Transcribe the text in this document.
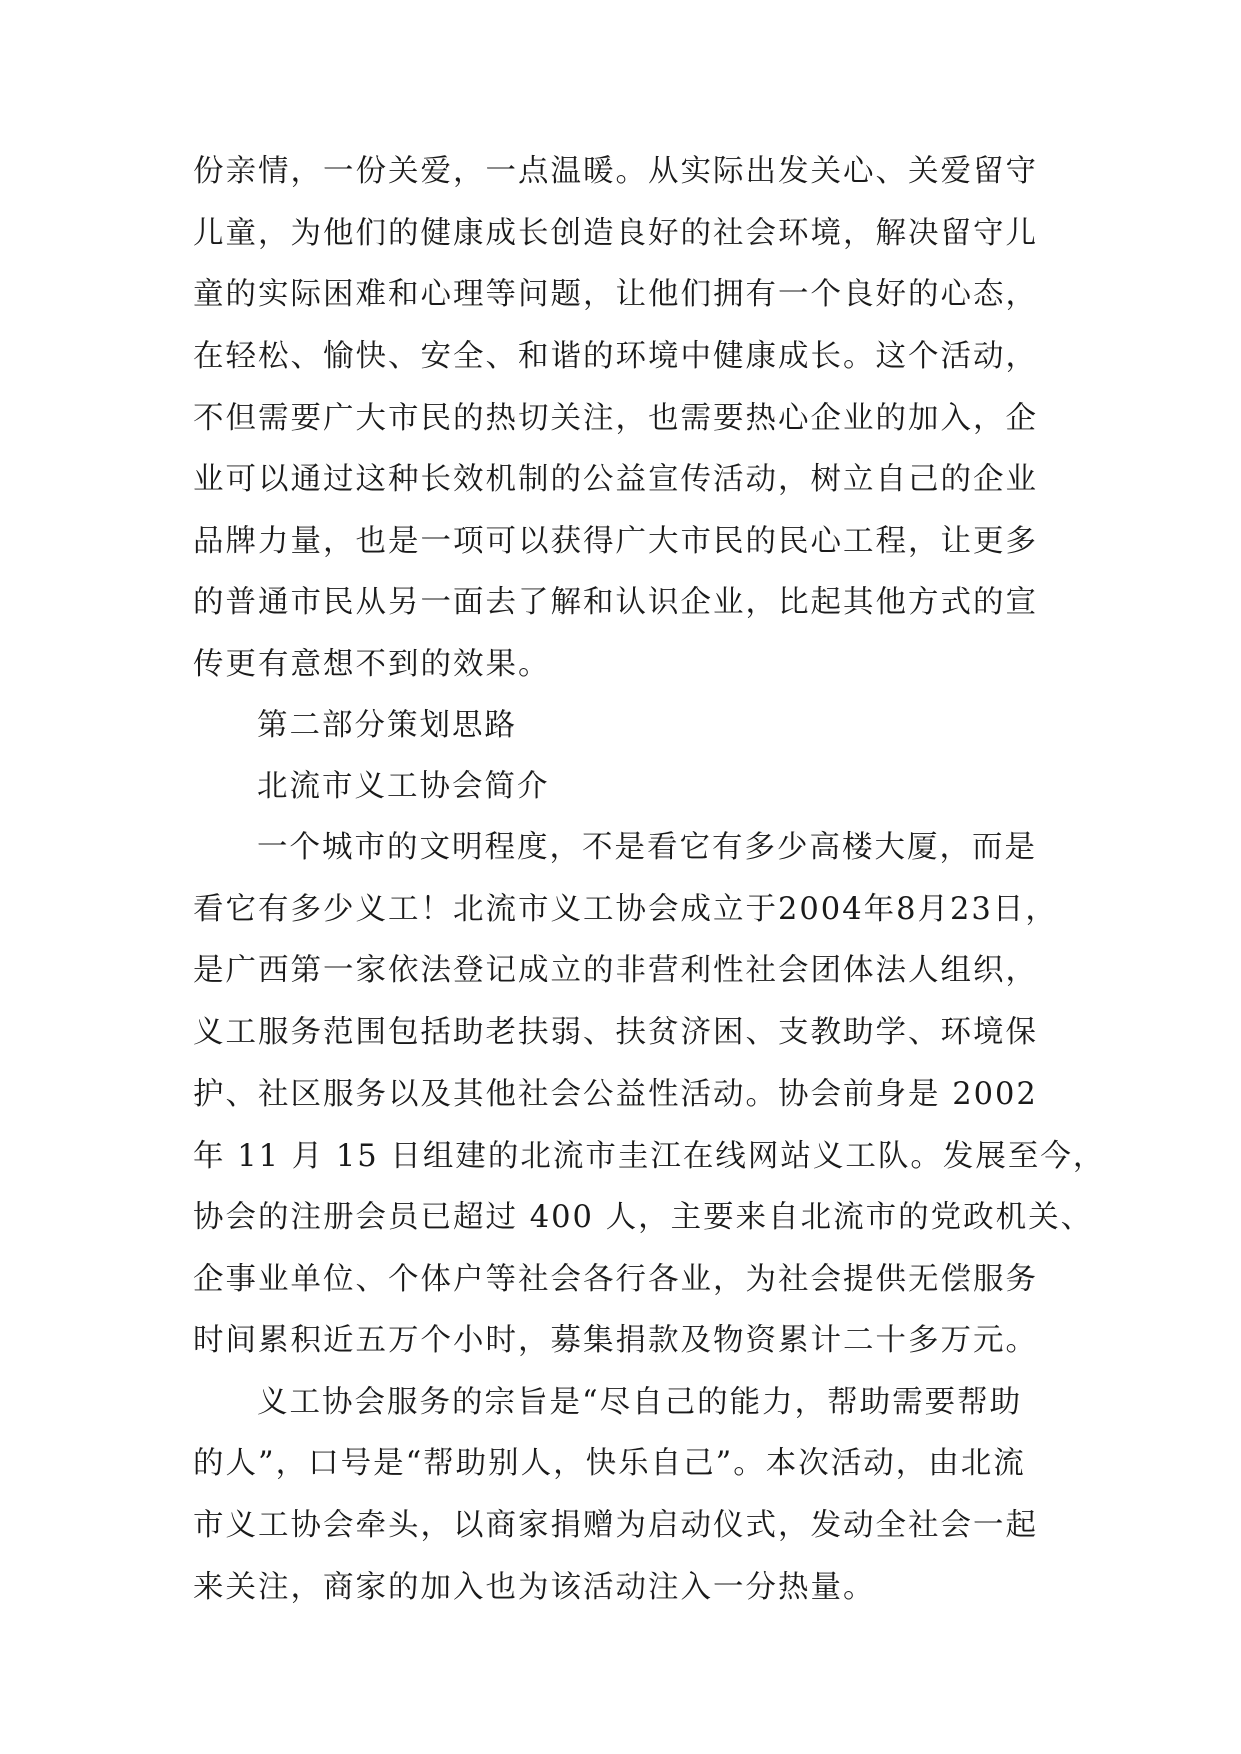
份亲情，一份关爱，一点温暖。从实际出发关心、关爱留守
儿童，为他们的健康成长创造良好的社会环境，解决留守儿
童的实际困难和心理等问题，让他们拥有一个良好的心态，
在轻松、愉快、安全、和谐的环境中健康成长。这个活动，
不但需要广大市民的热切关注，也需要热心企业的加入，企
业可以通过这种长效机制的公益宣传活动，树立自己的企业
品牌力量，也是一项可以获得广大市民的民心工程，让更多
的普通市民从另一面去了解和认识企业，比起其他方式的宣
传更有意想不到的效果。
第二部分策划思路
北流市义工协会简介
一个城市的文明程度，不是看它有多少高楼大厦，而是
看它有多少义工！北流市义工协会成立于2004年8月23日，
是广西第一家依法登记成立的非营利性社会团体法人组织，
义工服务范围包括助老扶弱、扶贫济困、支教助学、环境保
护、社区服务以及其他社会公益性活动。协会前身是 2002
年 11 月 15 日组建的北流市圭江在线网站义工队。发展至今，
协会的注册会员已超过 400 人，主要来自北流市的党政机关、
企事业单位、个体户等社会各行各业，为社会提供无偿服务
时间累积近五万个小时，募集捐款及物资累计二十多万元。
义工协会服务的宗旨是“尽自己的能力，帮助需要帮助
的人”，口号是“帮助别人，快乐自己”。本次活动，由北流
市义工协会牵头，以商家捐赠为启动仪式，发动全社会一起
来关注，商家的加入也为该活动注入一分热量。
